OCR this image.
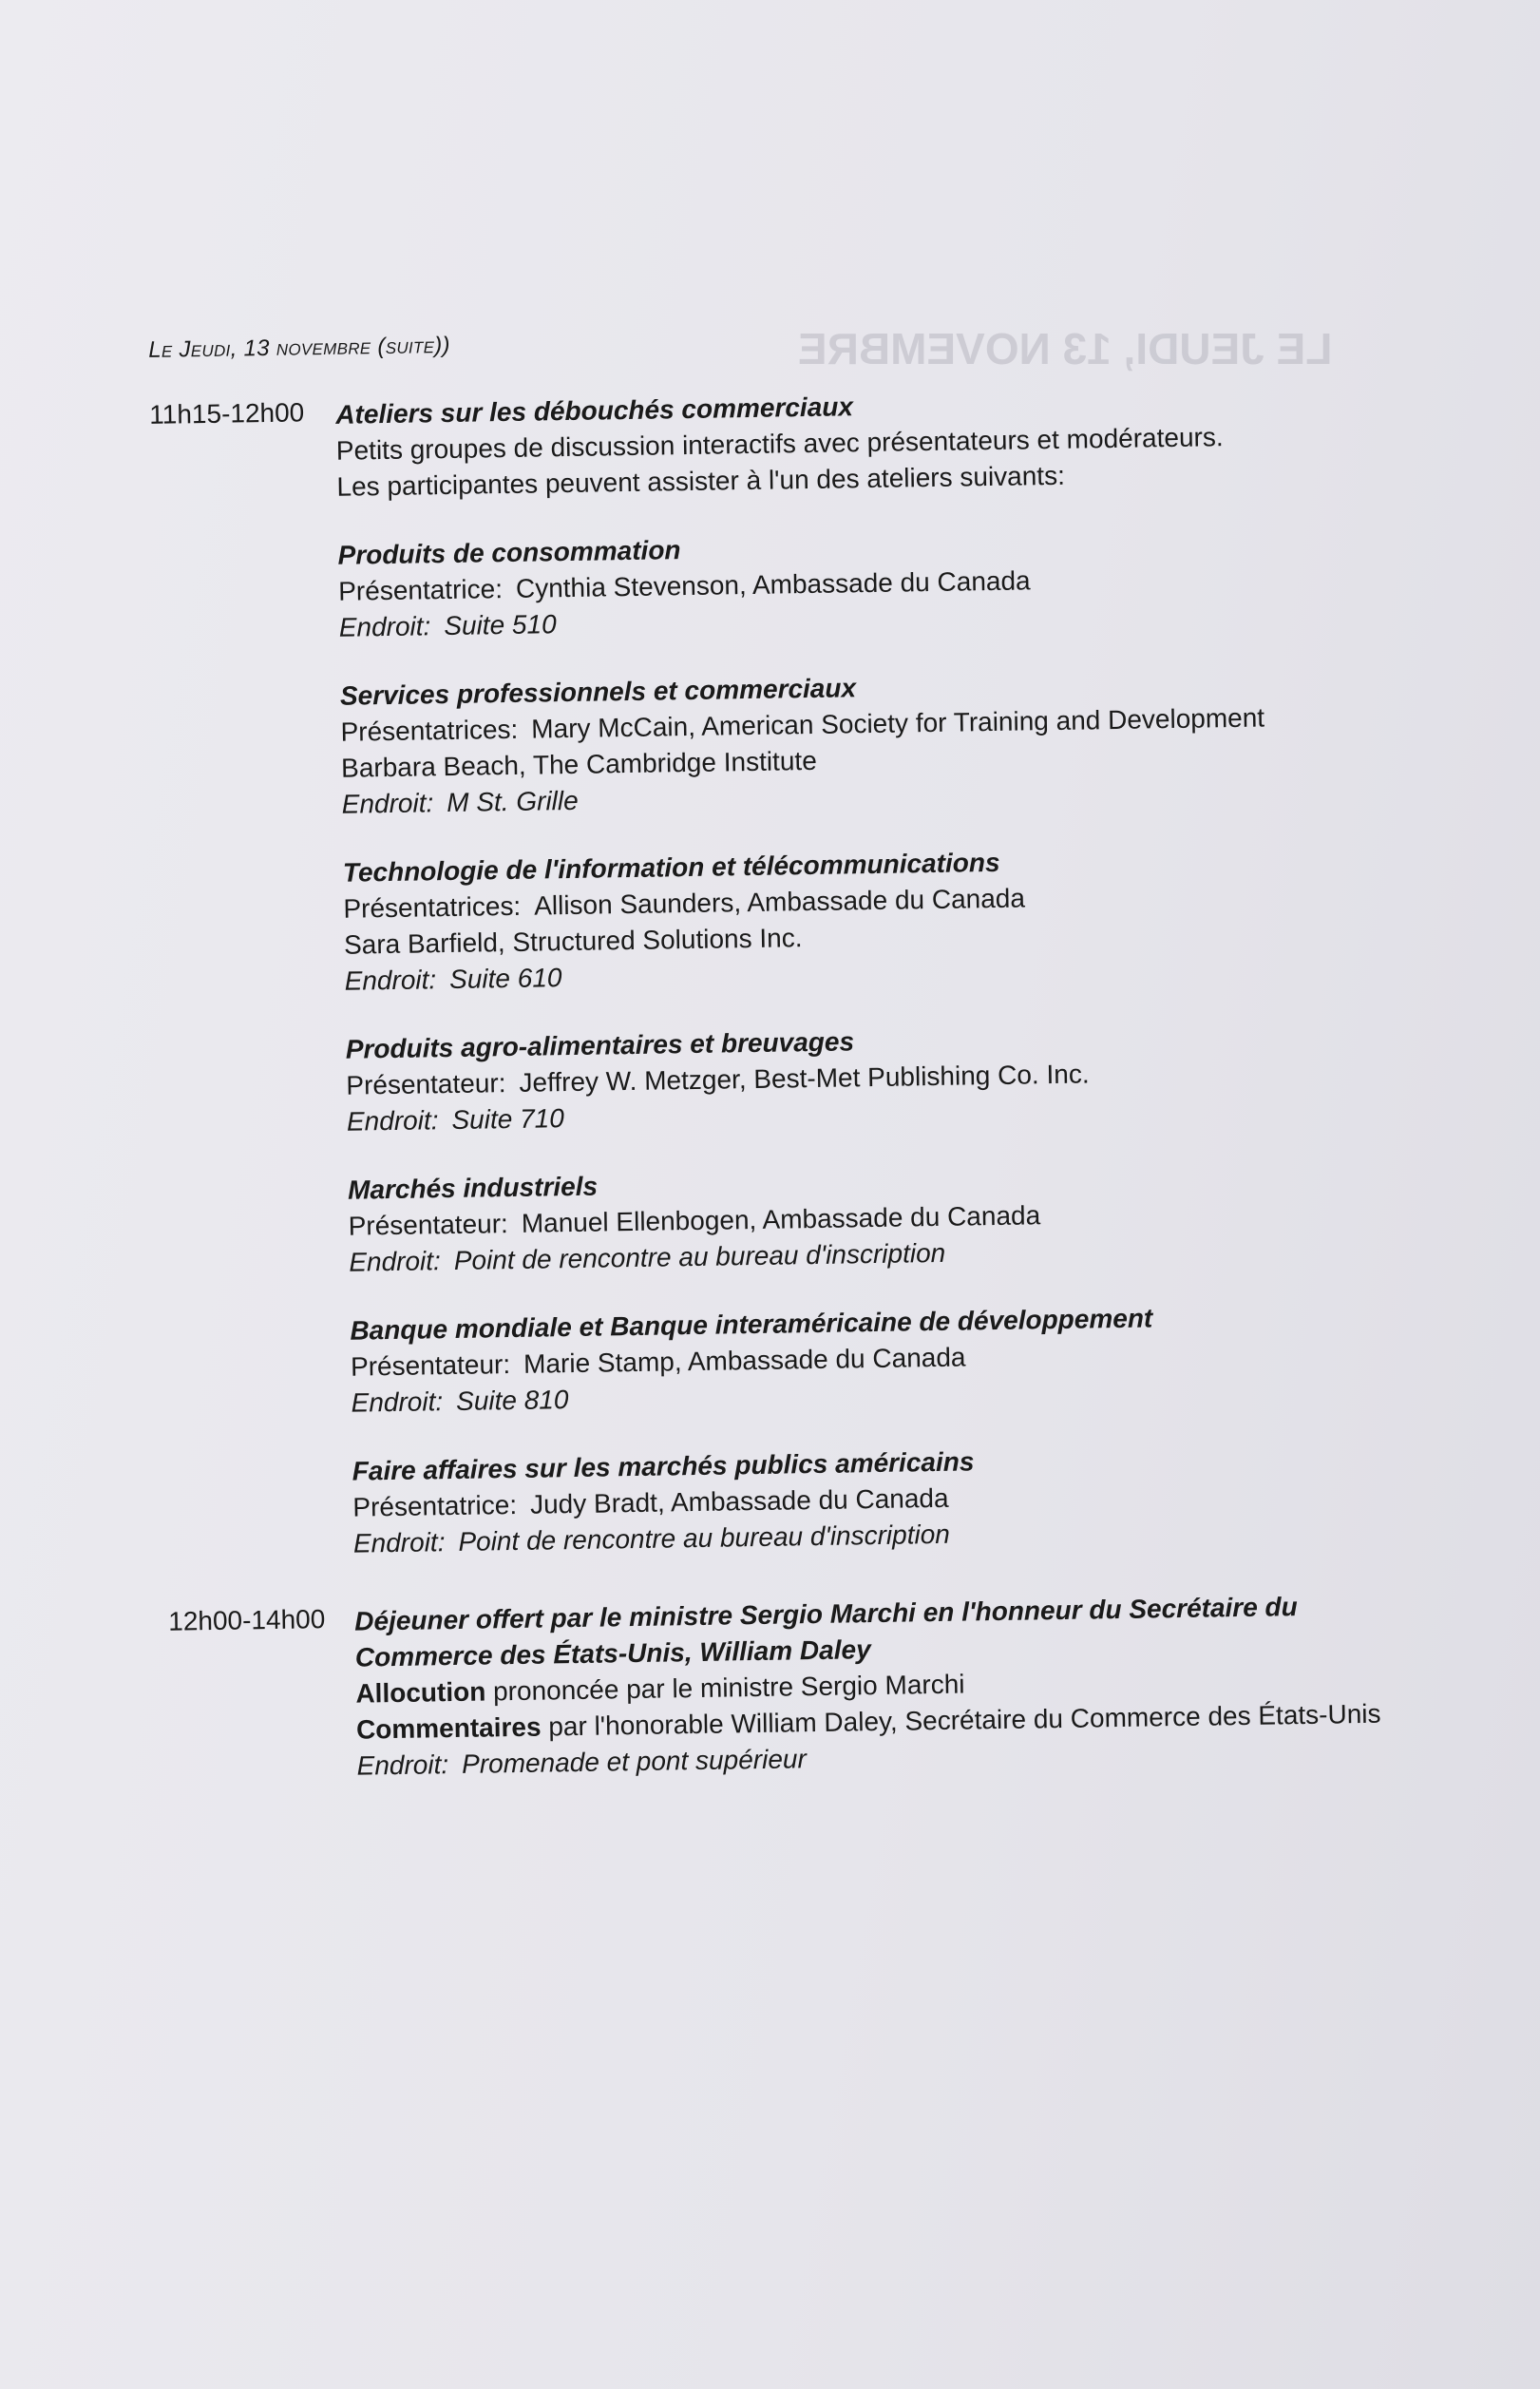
LE JEUDI, 13 NOVEMBRE
Le Jeudi, 13 novembre (suite))
11h15-12h00 Ateliers sur les débouchés commerciaux
Petits groupes de discussion interactifs avec présentateurs et modérateurs.
Les participantes peuvent assister à l'un des ateliers suivants:
Produits de consommation
Présentatrice: Cynthia Stevenson, Ambassade du Canada
Endroit: Suite 510
Services professionnels et commerciaux
Présentatrices: Mary McCain, American Society for Training and Development
Barbara Beach, The Cambridge Institute
Endroit: M St. Grille
Technologie de l'information et télécommunications
Présentatrices: Allison Saunders, Ambassade du Canada
Sara Barfield, Structured Solutions Inc.
Endroit: Suite 610
Produits agro-alimentaires et breuvages
Présentateur: Jeffrey W. Metzger, Best-Met Publishing Co. Inc.
Endroit: Suite 710
Marchés industriels
Présentateur: Manuel Ellenbogen, Ambassade du Canada
Endroit: Point de rencontre au bureau d'inscription
Banque mondiale et Banque interaméricaine de développement
Présentateur: Marie Stamp, Ambassade du Canada
Endroit: Suite 810
Faire affaires sur les marchés publics américains
Présentatrice: Judy Bradt, Ambassade du Canada
Endroit: Point de rencontre au bureau d'inscription
12h00-14h00 Déjeuner offert par le ministre Sergio Marchi en l'honneur du Secrétaire du Commerce des États-Unis, William Daley
Allocution prononcée par le ministre Sergio Marchi
Commentaires par l'honorable William Daley, Secrétaire du Commerce des États-Unis
Endroit: Promenade et pont supérieur
